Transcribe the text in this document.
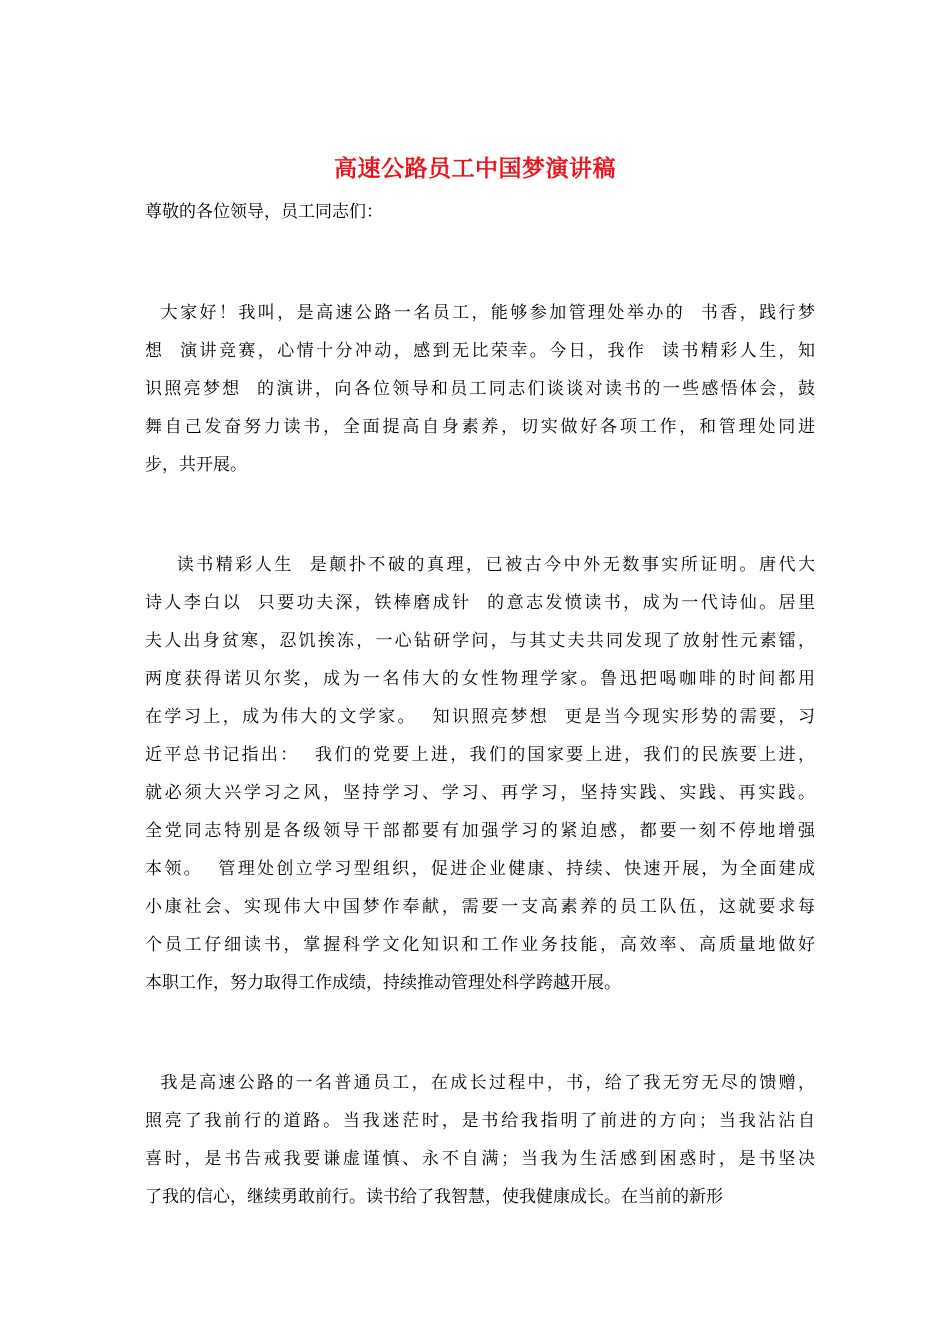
高速公路员工中国梦演讲稿
尊敬的各位领导，员工同志们：
大家好！我叫，是高速公路一名员工，能够参加管理处举办的  书香，践行梦
想  演讲竞赛，心情十分冲动，感到无比荣幸。今日，我作  读书精彩人生，知
识照亮梦想  的演讲，向各位领导和员工同志们谈谈对读书的一些感悟体会，鼓
舞自己发奋努力读书，全面提高自身素养，切实做好各项工作，和管理处同进
步，共开展。
读书精彩人生  是颠扑不破的真理，已被古今中外无数事实所证明。唐代大
诗人李白以  只要功夫深，铁棒磨成针  的意志发愤读书，成为一代诗仙。居里
夫人出身贫寒，忍饥挨冻，一心钻研学问，与其丈夫共同发现了放射性元素镭，
两度获得诺贝尔奖，成为一名伟大的女性物理学家。鲁迅把喝咖啡的时间都用
在学习上，成为伟大的文学家。  知识照亮梦想  更是当今现实形势的需要，习
近平总书记指出：  我们的党要上进，我们的国家要上进，我们的民族要上进，
就必须大兴学习之风，坚持学习、学习、再学习，坚持实践、实践、再实践。
全党同志特别是各级领导干部都要有加强学习的紧迫感，都要一刻不停地增强
本领。  管理处创立学习型组织，促进企业健康、持续、快速开展，为全面建成
小康社会、实现伟大中国梦作奉献，需要一支高素养的员工队伍，这就要求每
个员工仔细读书，掌握科学文化知识和工作业务技能，高效率、高质量地做好
本职工作，努力取得工作成绩，持续推动管理处科学跨越开展。
我是高速公路的一名普通员工，在成长过程中，书，给了我无穷无尽的馈赠，
照亮了我前行的道路。当我迷茫时，是书给我指明了前进的方向；当我沾沾自
喜时，是书告戒我要谦虚谨慎、永不自满；当我为生活感到困惑时，是书坚决
了我的信心，继续勇敢前行。读书给了我智慧，使我健康成长。在当前的新形
